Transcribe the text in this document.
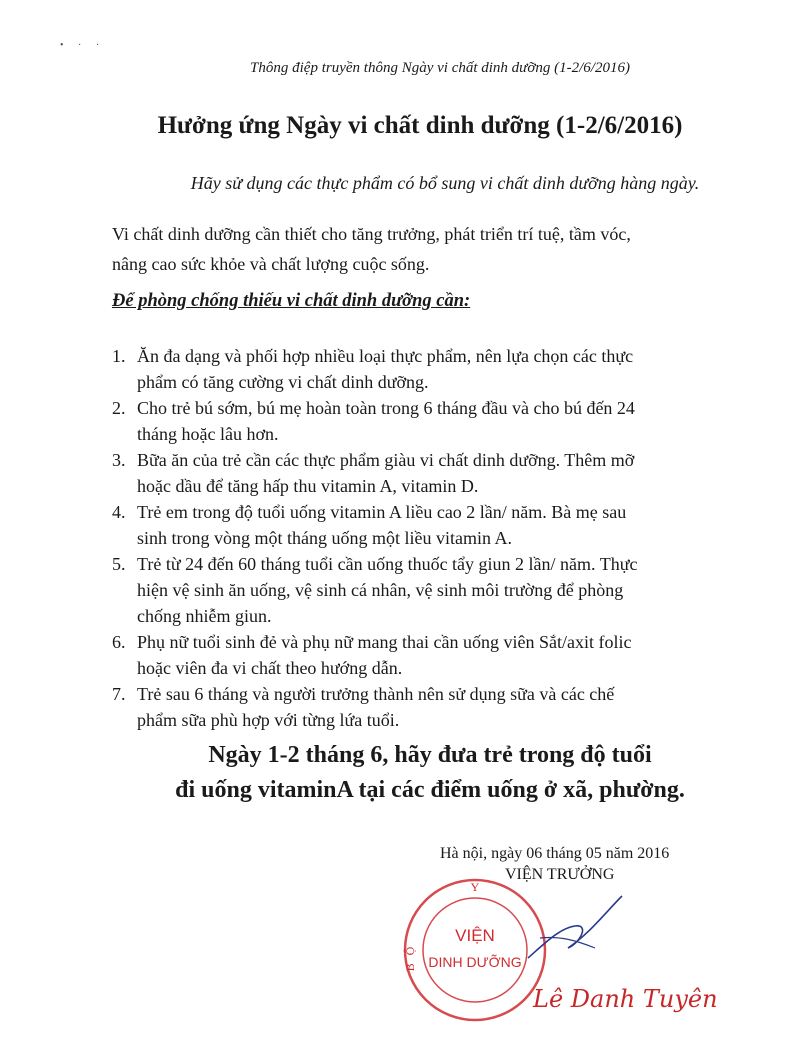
• · ·
Thông điệp truyền thông Ngày vi chất dinh dưỡng (1-2/6/2016)
Hưởng ứng Ngày vi chất dinh dưỡng (1-2/6/2016)
Hãy sử dụng các thực phẩm có bổ sung vi chất dinh dưỡng hàng ngày.
Vi chất dinh dưỡng cần thiết cho tăng trưởng, phát triển trí tuệ, tầm vóc,
nâng cao sức khỏe và chất lượng cuộc sống.
Để phòng chống thiếu vi chất dinh dưỡng cần:
1. Ăn đa dạng và phối hợp nhiều loại thực phẩm, nên lựa chọn các thực
phẩm có tăng cường vi chất dinh dưỡng.
2. Cho trẻ bú sớm, bú mẹ hoàn toàn trong 6 tháng đầu và cho bú đến 24
tháng hoặc lâu hơn.
3. Bữa ăn của trẻ cần các thực phẩm giàu vi chất dinh dưỡng. Thêm mỡ
hoặc dầu để tăng hấp thu vitamin A, vitamin D.
4. Trẻ em trong độ tuổi uống vitamin A liều cao 2 lần/ năm. Bà mẹ sau
sinh trong vòng một tháng uống một liều vitamin A.
5. Trẻ từ 24 đến 60 tháng tuổi cần uống thuốc tẩy giun 2 lần/ năm. Thực
hiện vệ sinh ăn uống, vệ sinh cá nhân, vệ sinh môi trường để phòng
chống nhiễm giun.
6. Phụ nữ tuổi sinh đẻ và phụ nữ mang thai cần uống viên Sắt/axit folic
hoặc viên đa vi chất theo hướng dẫn.
7. Trẻ sau 6 tháng và người trưởng thành nên sử dụng sữa và các chế
phẩm sữa phù hợp với từng lứa tuổi.
Ngày 1-2 tháng 6, hãy đưa trẻ trong độ tuổi
đi uống vitaminA tại các điểm uống ở xã, phường.
Hà nội, ngày 06 tháng 05 năm 2016
VIỆN TRƯỞNG
Y
BỘ
VIỆN
DINH DƯỠNG
Lê Danh Tuyên
